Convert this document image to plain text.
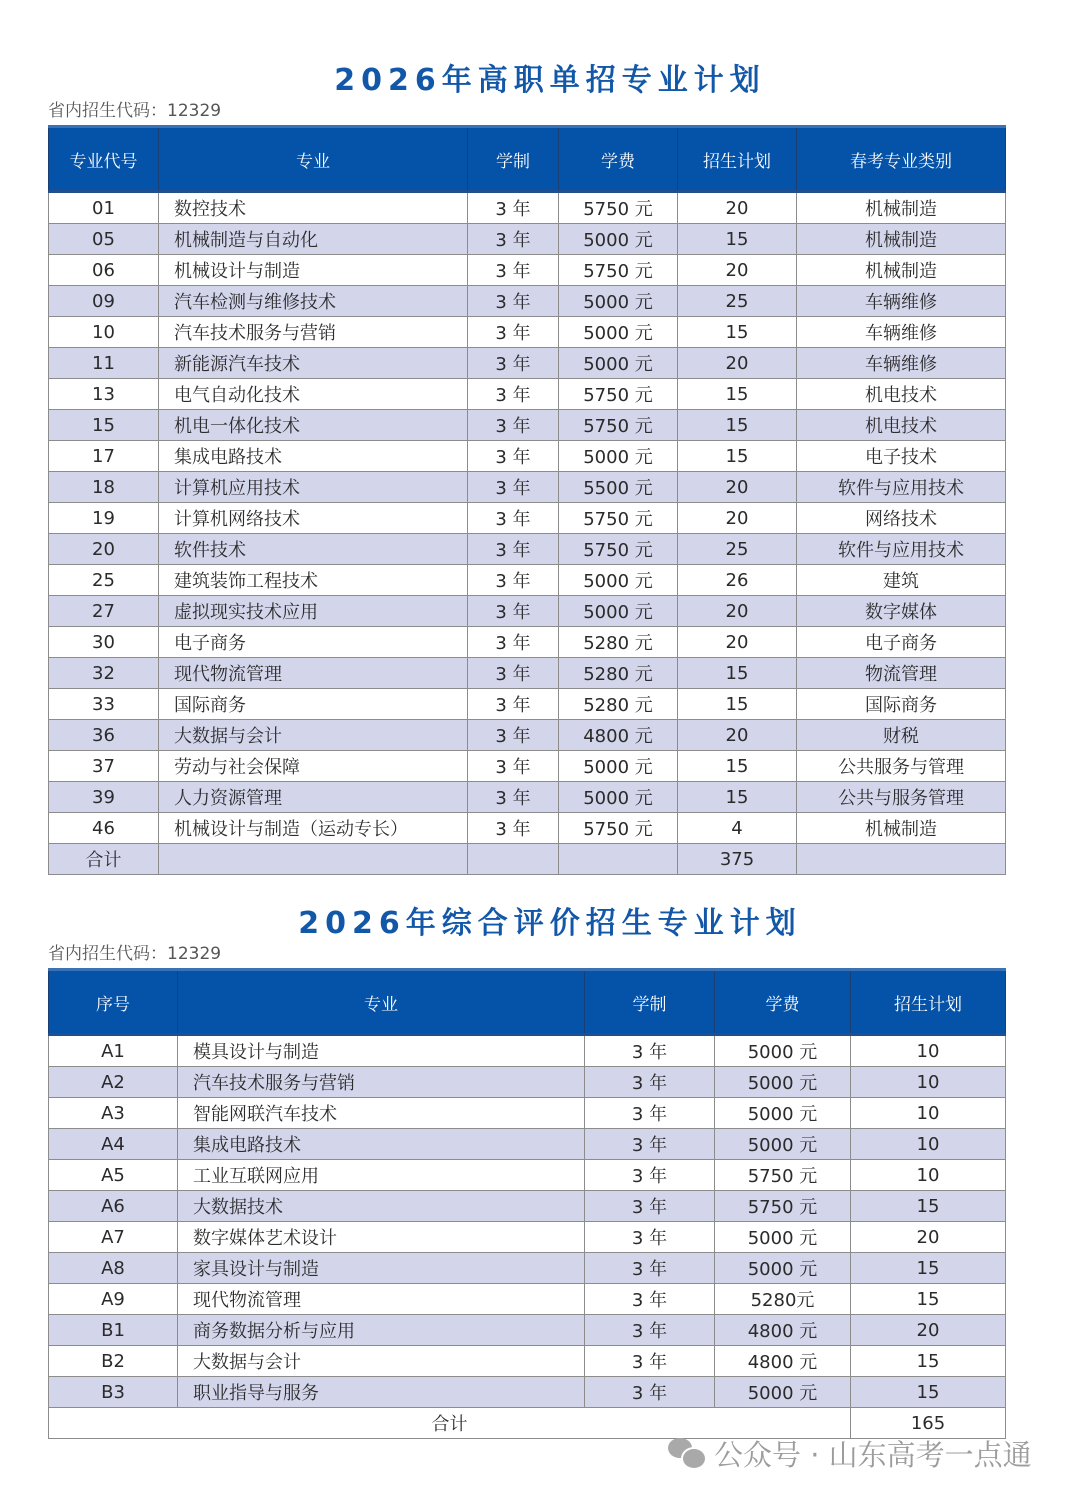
2026年高职单招专业计划
省内招生代码：12329
专业代号	专业	学制	学费	招生计划	春考专业类别
01	数控技术	3 年	5750 元	20	机械制造
05	机械制造与自动化	3 年	5000 元	15	机械制造
06	机械设计与制造	3 年	5750 元	20	机械制造
09	汽车检测与维修技术	3 年	5000 元	25	车辆维修
10	汽车技术服务与营销	3 年	5000 元	15	车辆维修
11	新能源汽车技术	3 年	5000 元	20	车辆维修
13	电气自动化技术	3 年	5750 元	15	机电技术
15	机电一体化技术	3 年	5750 元	15	机电技术
17	集成电路技术	3 年	5000 元	15	电子技术
18	计算机应用技术	3 年	5500 元	20	软件与应用技术
19	计算机网络技术	3 年	5750 元	20	网络技术
20	软件技术	3 年	5750 元	25	软件与应用技术
25	建筑装饰工程技术	3 年	5000 元	26	建筑
27	虚拟现实技术应用	3 年	5000 元	20	数字媒体
30	电子商务	3 年	5280 元	20	电子商务
32	现代物流管理	3 年	5280 元	15	物流管理
33	国际商务	3 年	5280 元	15	国际商务
36	大数据与会计	3 年	4800 元	20	财税
37	劳动与社会保障	3 年	5000 元	15	公共服务与管理
39	人力资源管理	3 年	5000 元	15	公共与服务管理
46	机械设计与制造（运动专长）	3 年	5750 元	4	机械制造
合计				375	
2026年综合评价招生专业计划
省内招生代码：12329
序号	专业	学制	学费	招生计划
A1	模具设计与制造	3 年	5000 元	10
A2	汽车技术服务与营销	3 年	5000 元	10
A3	智能网联汽车技术	3 年	5000 元	10
A4	集成电路技术	3 年	5000 元	10
A5	工业互联网应用	3 年	5750 元	10
A6	大数据技术	3 年	5750 元	15
A7	数字媒体艺术设计	3 年	5000 元	20
A8	家具设计与制造	3 年	5000 元	15
A9	现代物流管理	3 年	5280元	15
B1	商务数据分析与应用	3 年	4800 元	20
B2	大数据与会计	3 年	4800 元	15
B3	职业指导与服务	3 年	5000 元	15
合计				165
公众号 · 山东高考一点通
